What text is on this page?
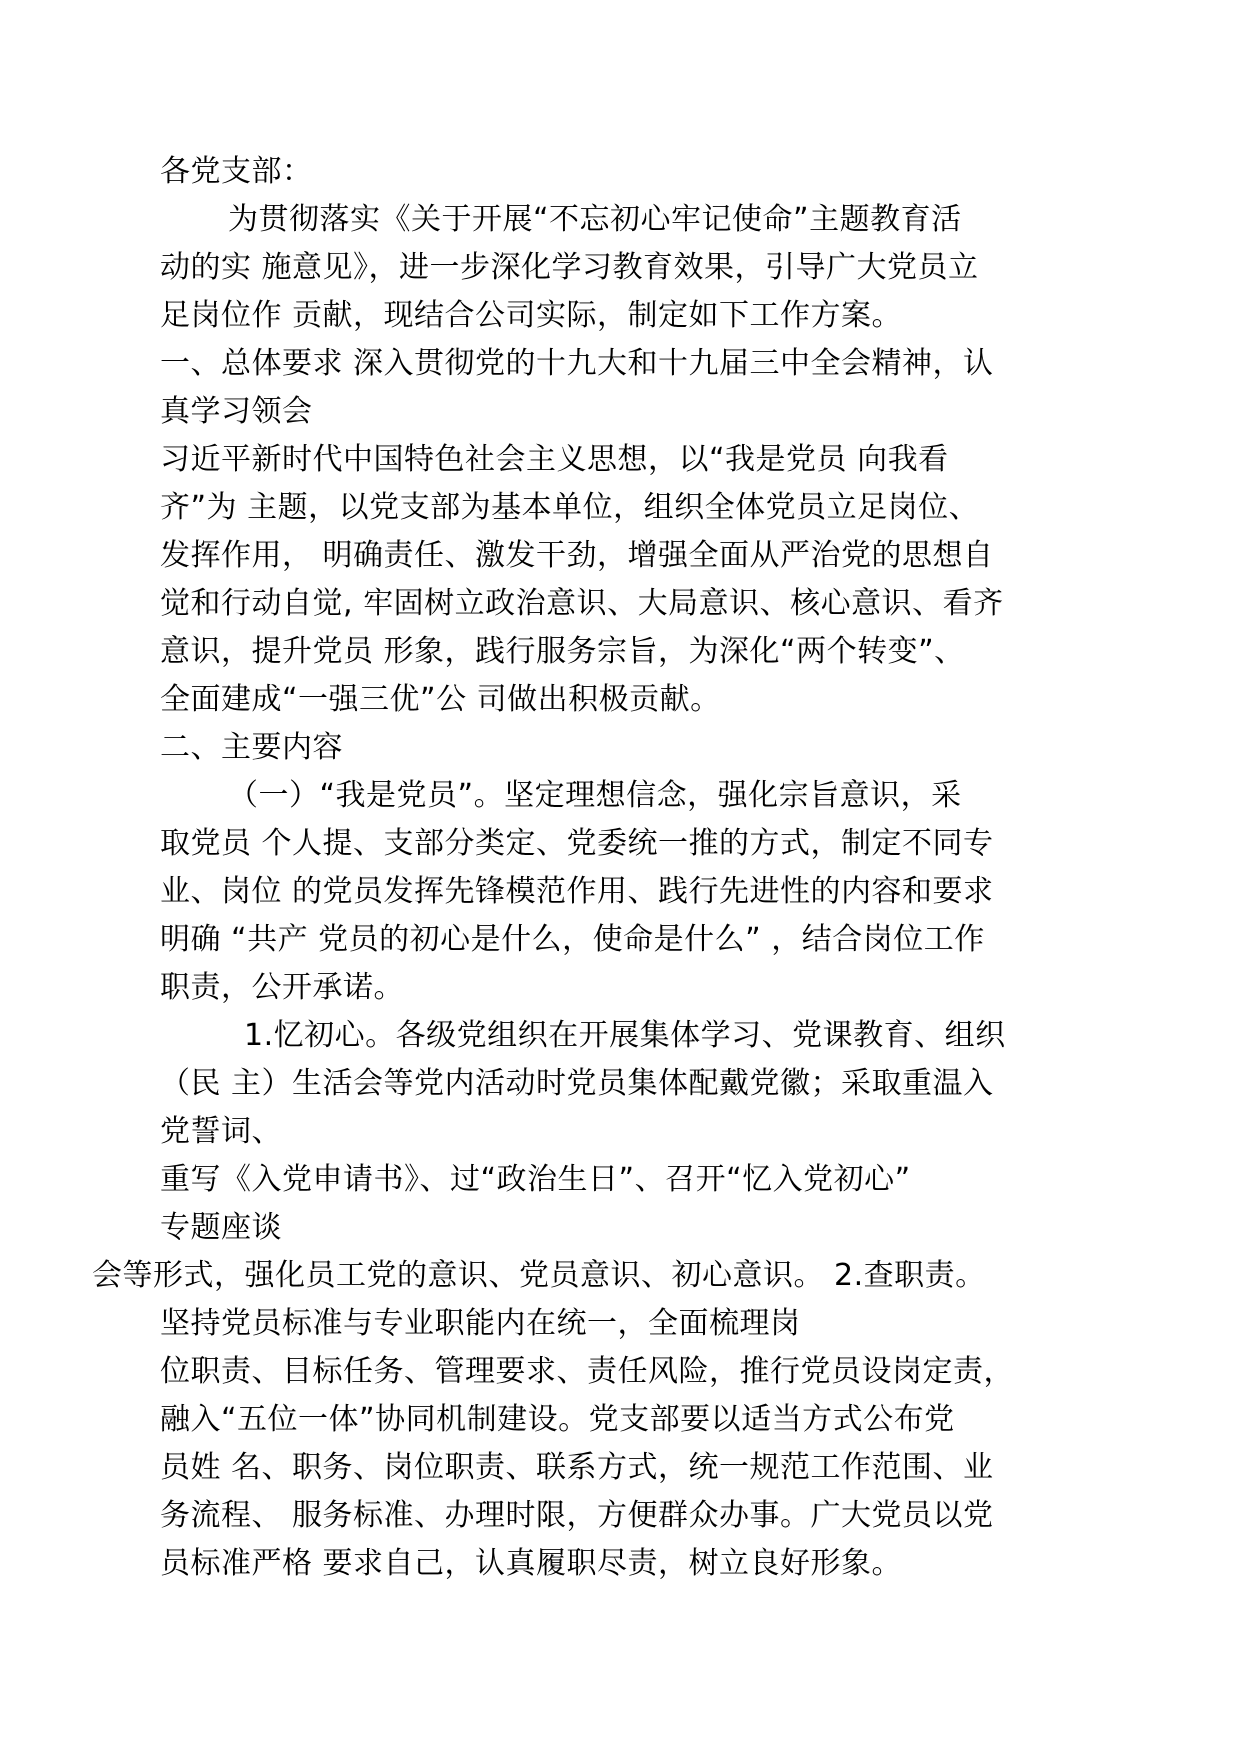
各党支部：
为贯彻落实《关于开展“不忘初心牢记使命”主题教育活
动的实 施意见》，进一步深化学习教育效果，引导广大党员立
足岗位作 贡献，现结合公司实际，制定如下工作方案。
一、总体要求 深入贯彻党的十九大和十九届三中全会精神，认
真学习领会
习近平新时代中国特色社会主义思想，以“我是党员 向我看
齐”为 主题，以党支部为基本单位，组织全体党员立足岗位、
发挥作用， 明确责任、激发干劲，增强全面从严治党的思想自
觉和行动自觉, 牢固树立政治意识、大局意识、核心意识、看齐
意识，提升党员 形象，践行服务宗旨，为深化“两个转变”、
全面建成“一强三优”公 司做出积极贡献。
二、主要内容
（一）“我是党员”。坚定理想信念，强化宗旨意识，采
取党员 个人提、支部分类定、党委统一推的方式，制定不同专
业、岗位 的党员发挥先锋模范作用、践行先进性的内容和要求
明确 “共产 党员的初心是什么，使命是什么” ，结合岗位工作
职责，公开承诺。
1.忆初心。各级党组织在开展集体学习、党课教育、组织
（民 主）生活会等党内活动时党员集体配戴党徽；采取重温入
党誓词、
重写《入党申请书》、过“政治生日”、召开“忆入党初心”
专题座谈
会等形式，强化员工党的意识、党员意识、初心意识。 2.查职责。
坚持党员标准与专业职能内在统一，全面梳理岗
位职责、目标任务、管理要求、责任风险，推行党员设岗定责，
融入“五位一体”协同机制建设。党支部要以适当方式公布党
员姓 名、职务、岗位职责、联系方式，统一规范工作范围、业
务流程、 服务标准、办理时限，方便群众办事。广大党员以党
员标准严格 要求自己，认真履职尽责，树立良好形象。
